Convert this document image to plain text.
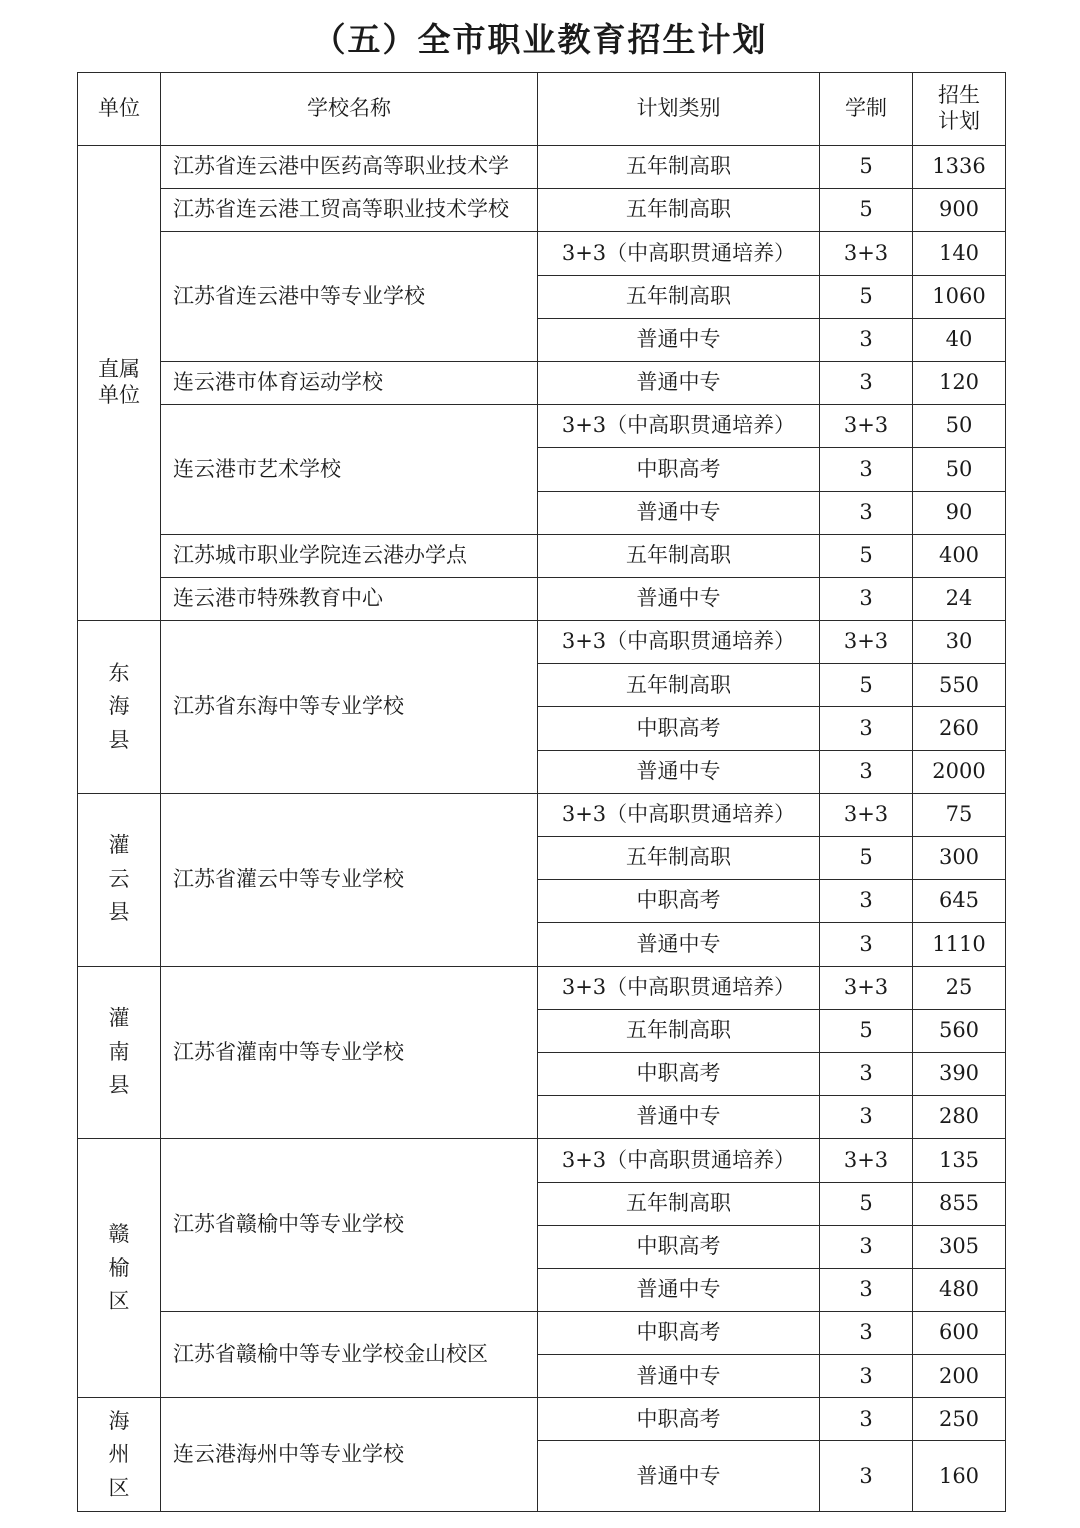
（五）全市职业教育招生计划
单位	学校名称	计划类别	学制	招生计划
直属单位	江苏省连云港中医药高等职业技术学	五年制高职	5	1336
	江苏省连云港工贸高等职业技术学校	五年制高职	5	900
	江苏省连云港中等专业学校	3+3（中高职贯通培养）	3+3	140
		五年制高职	5	1060
		普通中专	3	40
	连云港市体育运动学校	普通中专	3	120
	连云港市艺术学校	3+3（中高职贯通培养）	3+3	50
		中职高考	3	50
		普通中专	3	90
	江苏城市职业学院连云港办学点	五年制高职	5	400
	连云港市特殊教育中心	普通中专	3	24
东海县	江苏省东海中等专业学校	3+3（中高职贯通培养）	3+3	30
		五年制高职	5	550
		中职高考	3	260
		普通中专	3	2000
灌云县	江苏省灌云中等专业学校	3+3（中高职贯通培养）	3+3	75
		五年制高职	5	300
		中职高考	3	645
		普通中专	3	1110
灌南县	江苏省灌南中等专业学校	3+3（中高职贯通培养）	3+3	25
		五年制高职	5	560
		中职高考	3	390
		普通中专	3	280
赣榆区	江苏省赣榆中等专业学校	3+3（中高职贯通培养）	3+3	135
		五年制高职	5	855
		中职高考	3	305
		普通中专	3	480
	江苏省赣榆中等专业学校金山校区	中职高考	3	600
		普通中专	3	200
海州区	连云港海州中等专业学校	中职高考	3	250
		普通中专	3	160
